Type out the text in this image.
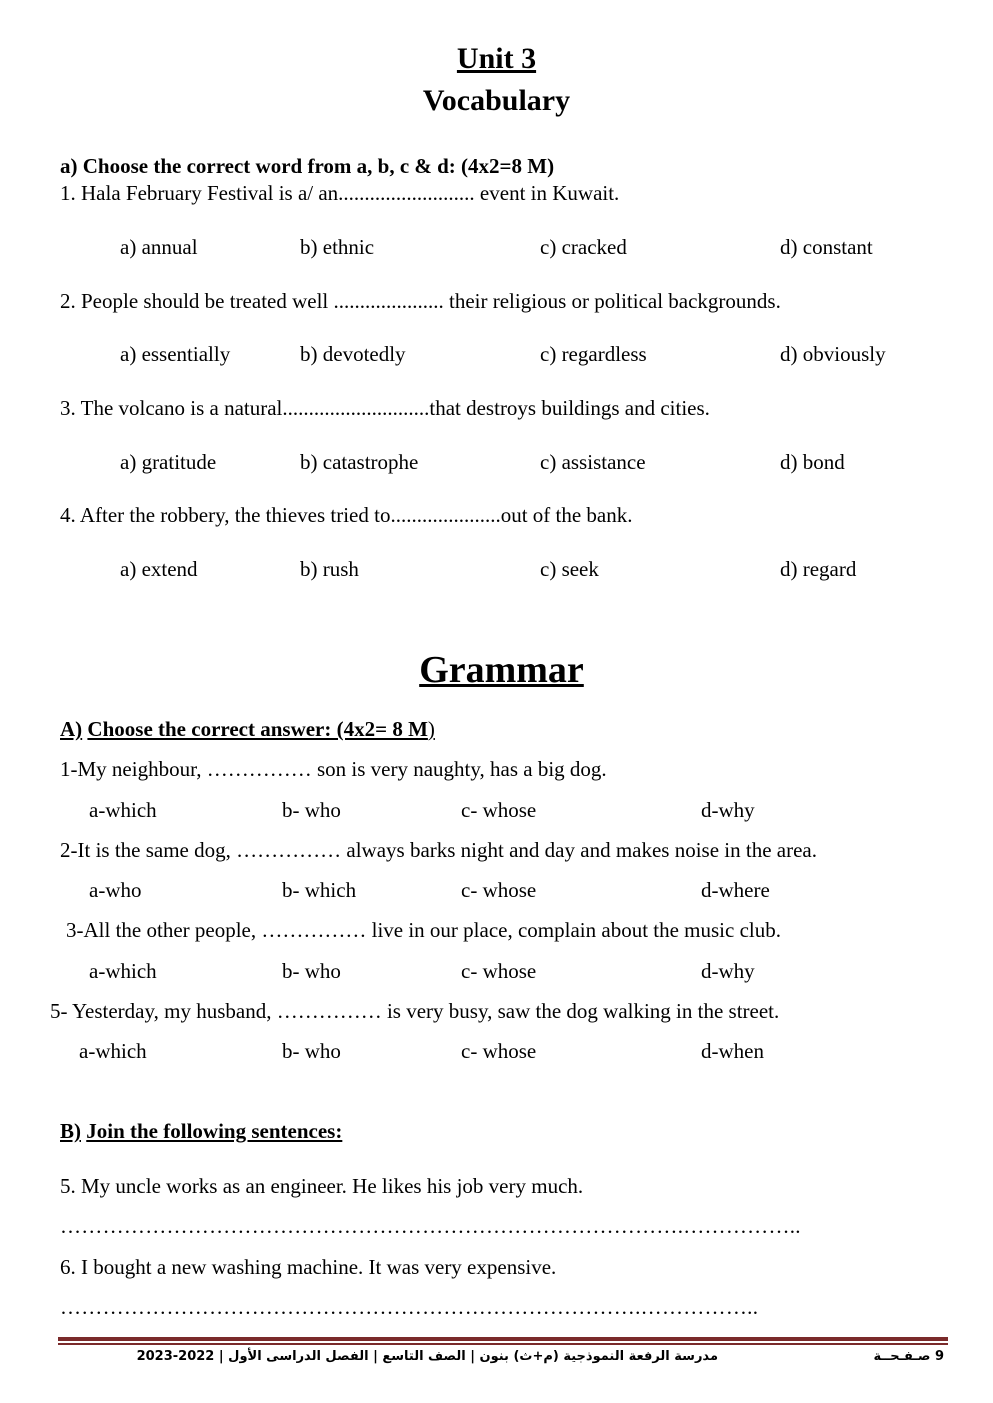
Unit 3
Vocabulary
a) Choose the correct word from a, b, c & d: (4x2=8 M)
1. Hala February Festival is a/ an.......................... event in Kuwait.
a) annual	b) ethnic	c) cracked	d) constant
2. People should be treated well ..................... their religious or political backgrounds.
a) essentially	b) devotedly	c) regardless	d) obviously
3. The volcano is a natural............................that destroys buildings and cities.
a) gratitude	b) catastrophe	c) assistance	d) bond
4. After the robbery, the thieves tried to.....................out of the bank.
a) extend	b) rush	c) seek	d) regard
Grammar
A) Choose the correct answer: (4x2= 8 M)
1-My neighbour, …………… son is very naughty, has a big dog.
a-which	b- who	c- whose	d-why
2-It is the same dog, …………… always barks night and day and makes noise in the area.
a-who	b- which	c- whose	d-where
3-All the other people, …………… live in our place, complain about the music club.
a-which	b- who	c- whose	d-why
5- Yesterday, my husband, …………… is very busy, saw the dog walking in the street.
a-which	b- who	c- whose	d-when
B) Join the following sentences:
5. My uncle works as an engineer. He likes his job very much.
…………………………………………………………………………….……………..
6. I bought a new washing machine. It was very expensive.
……………………………………………………………………….……………..
مدرسة الرفعة النموذجية (م+ث) بنون | الصف التاسع | الفصل الدراسى الأول | 2022-2023	9 صـفـحــة
